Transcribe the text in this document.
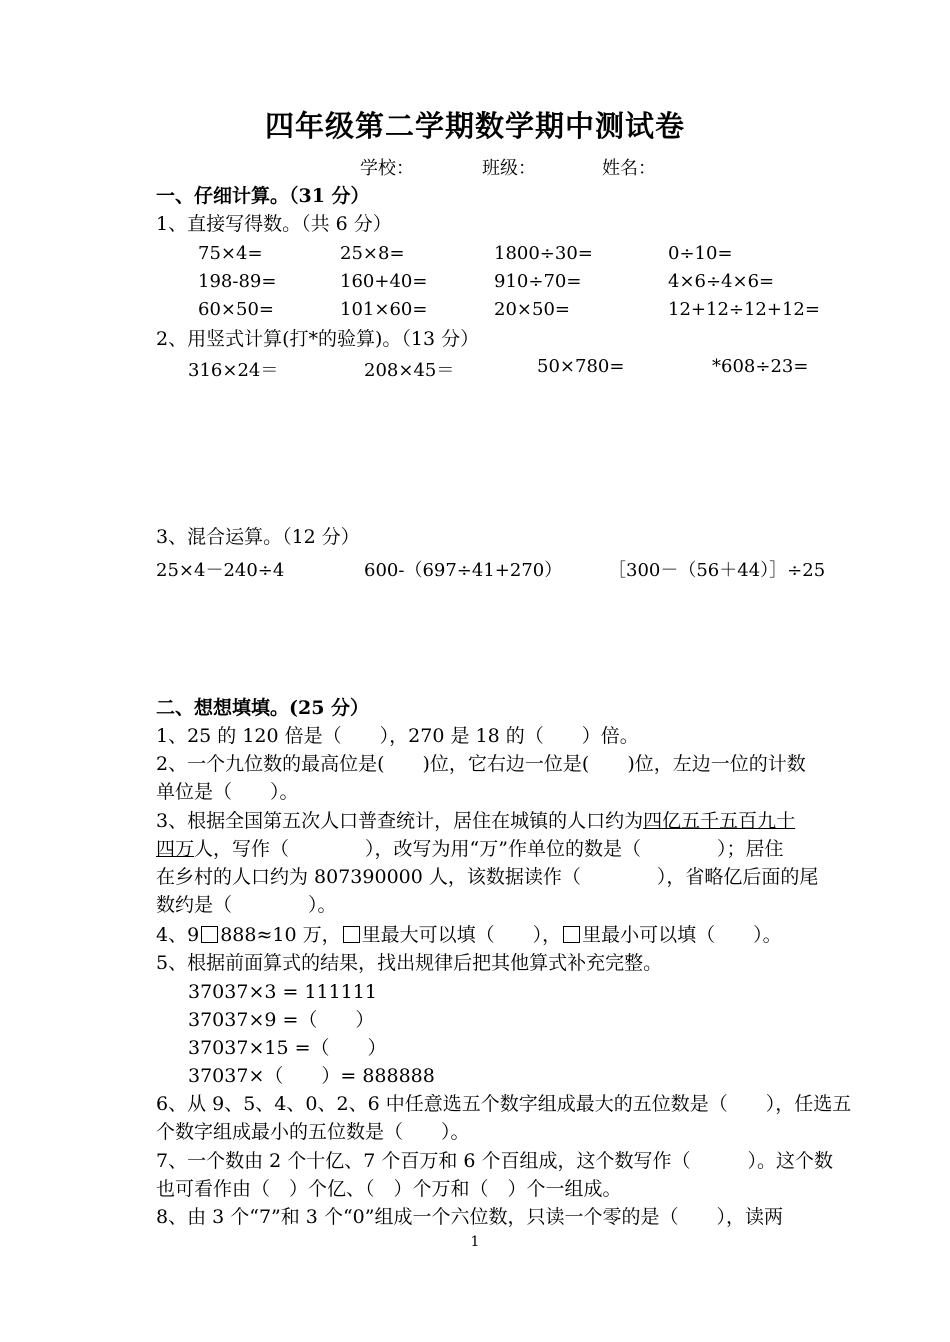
四年级第二学期数学期中测试卷
学校：	班级：	姓名：
一、仔细计算。（31 分）
1、直接写得数。（共 6 分）
75×4=	25×8=	1800÷30=	0÷10=
198-89=	160+40=	910÷70=	4×6÷4×6=
60×50=	101×60=	20×50=	12+12÷12+12=
2、用竖式计算(打*的验算)。（13 分）
316×24＝	208×45＝	50×780=	*608÷23=
3、混合运算。（12 分）
25×4－240÷4	600-（697÷41+270）	［300－（56＋44）］÷25
二、想想填填。(25 分）
1、25 的 120 倍是（　　），270 是 18 的（　　）倍。
2、一个九位数的最高位是(　　)位，它右边一位是(　　)位，左边一位的计数
单位是（　　）。
3、根据全国第五次人口普查统计，居住在城镇的人口约为四亿五千五百九十
四万人，写作（　　　　），改写为用“万”作单位的数是（　　　　）；居住
在乡村的人口约为 807390000 人，该数据读作（　　　　），省略亿后面的尾
数约是（　　　　）。
4、9 888≈10 万， 里最大可以填（　　）， 里最小可以填（　　）。
5、根据前面算式的结果，找出规律后把其他算式补充完整。
37037×3 = 111111
37037×9 =（　　）
37037×15 =（　　）
37037×（　　）= 888888
6、从 9、5、4、0、2、6 中任意选五个数字组成最大的五位数是（　　），任选五
个数字组成最小的五位数是（　　）。
7、一个数由 2 个十亿、7 个百万和 6 个百组成，这个数写作（　　　）。这个数
也可看作由（　）个亿、（　）个万和（　）个一组成。
8、由 3 个“7”和 3 个“0”组成一个六位数，只读一个零的是（　　），读两
1
